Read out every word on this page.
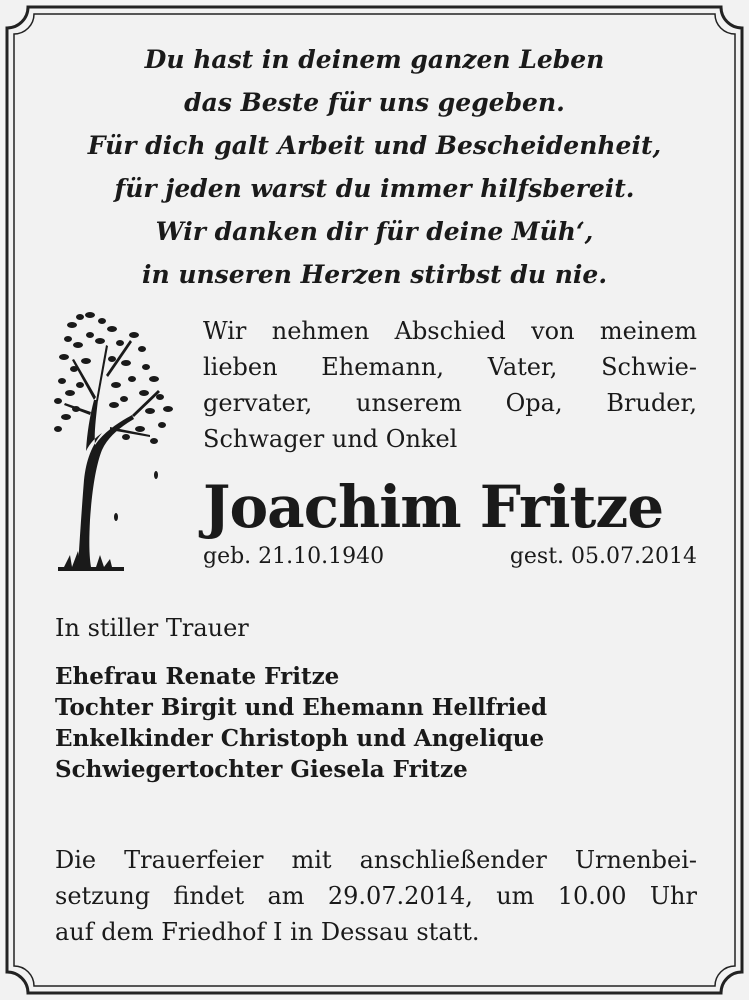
Du hast in deinem ganzen Leben
das Beste für uns gegeben.
Für dich galt Arbeit und Bescheidenheit,
für jeden warst du immer hilfsbereit.
Wir danken dir für deine Müh‘,
in unseren Herzen stirbst du nie.
Wir nehmen Abschied von meinem
lieben Ehemann, Vater, Schwie-
gervater, unserem Opa, Bruder,
Schwager und Onkel
Joachim Fritze
geb. 21.10.1940	gest. 05.07.2014
In stiller Trauer
Ehefrau Renate Fritze
Tochter Birgit und Ehemann Hellfried
Enkelkinder Christoph und Angelique
Schwiegertochter Giesela Fritze
Die Trauerfeier mit anschließender Urnenbei-
setzung findet am 29.07.2014, um 10.00 Uhr
auf dem Friedhof I in Dessau statt.
